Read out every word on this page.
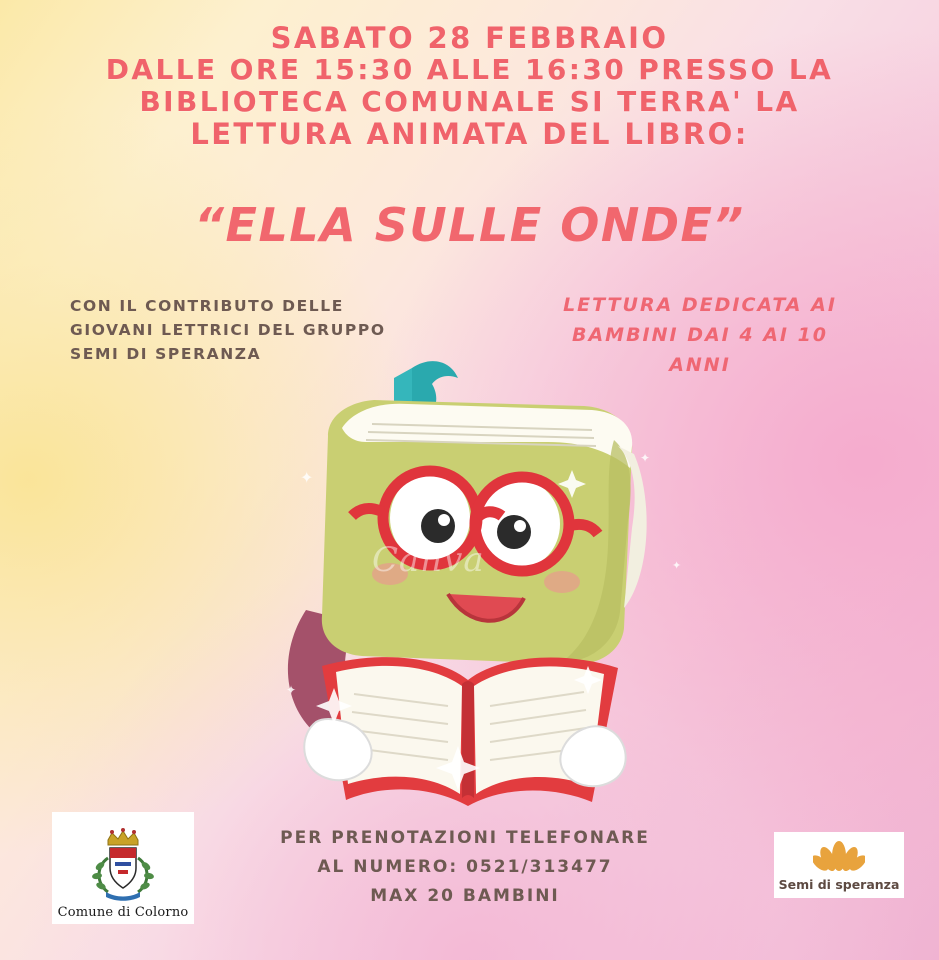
SABATO 28 FEBBRAIO
DALLE ORE 15:30 ALLE 16:30 PRESSO LA
BIBLIOTECA COMUNALE SI TERRA' LA
LETTURA ANIMATA DEL LIBRO:
“ELLA SULLE ONDE”
CON IL CONTRIBUTO DELLE
GIOVANI LETTRICI DEL GRUPPO
SEMI DI SPERANZA
LETTURA DEDICATA AI
BAMBINI DAI 4 AI 10
ANNI
Canva
✦
✦
✦
✦
Comune di Colorno
Semi di speranza
PER PRENOTAZIONI TELEFONARE
AL NUMERO: 0521/313477
MAX 20 BAMBINI
